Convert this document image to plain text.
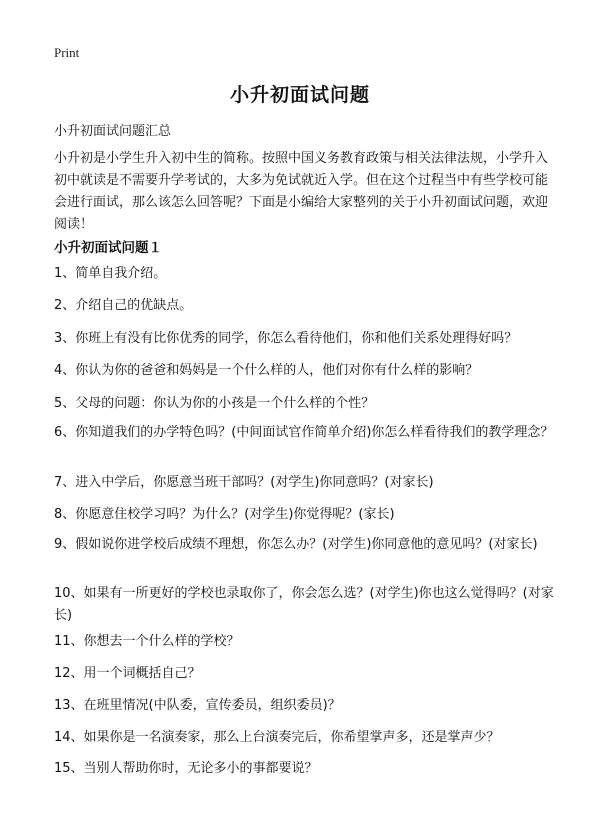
Print
小升初面试问题
小升初面试问题汇总
小升初是小学生升入初中生的简称。按照中国义务教育政策与相关法律法规，小学升入初中就读是不需要升学考试的，大多为免试就近入学。但在这个过程当中有些学校可能会进行面试，那么该怎么回答呢？下面是小编给大家整列的关于小升初面试问题，欢迎阅读！
小升初面试问题１
1、简单自我介绍。
2、介绍自己的优缺点。
3、你班上有没有比你优秀的同学，你怎么看待他们，你和他们关系处理得好吗？
4、你认为你的爸爸和妈妈是一个什么样的人，他们对你有什么样的影响？
5、父母的问题：你认为你的小孩是一个什么样的个性？
6、你知道我们的办学特色吗？(中间面试官作简单介绍)你怎么样看待我们的教学理念？
7、进入中学后，你愿意当班干部吗？(对学生)你同意吗？(对家长)
8、你愿意住校学习吗？为什么？(对学生)你觉得呢？(家长)
9、假如说你进学校后成绩不理想，你怎么办？(对学生)你同意他的意见吗？(对家长)
10、如果有一所更好的学校也录取你了，你会怎么选？(对学生)你也这么觉得吗？(对家长)
11、你想去一个什么样的学校？
12、用一个词概括自己？
13、在班里情况(中队委，宣传委员，组织委员)？
14、如果你是一名演奏家，那么上台演奏完后，你希望掌声多，还是掌声少？
15、当别人帮助你时，无论多小的事都要说？
